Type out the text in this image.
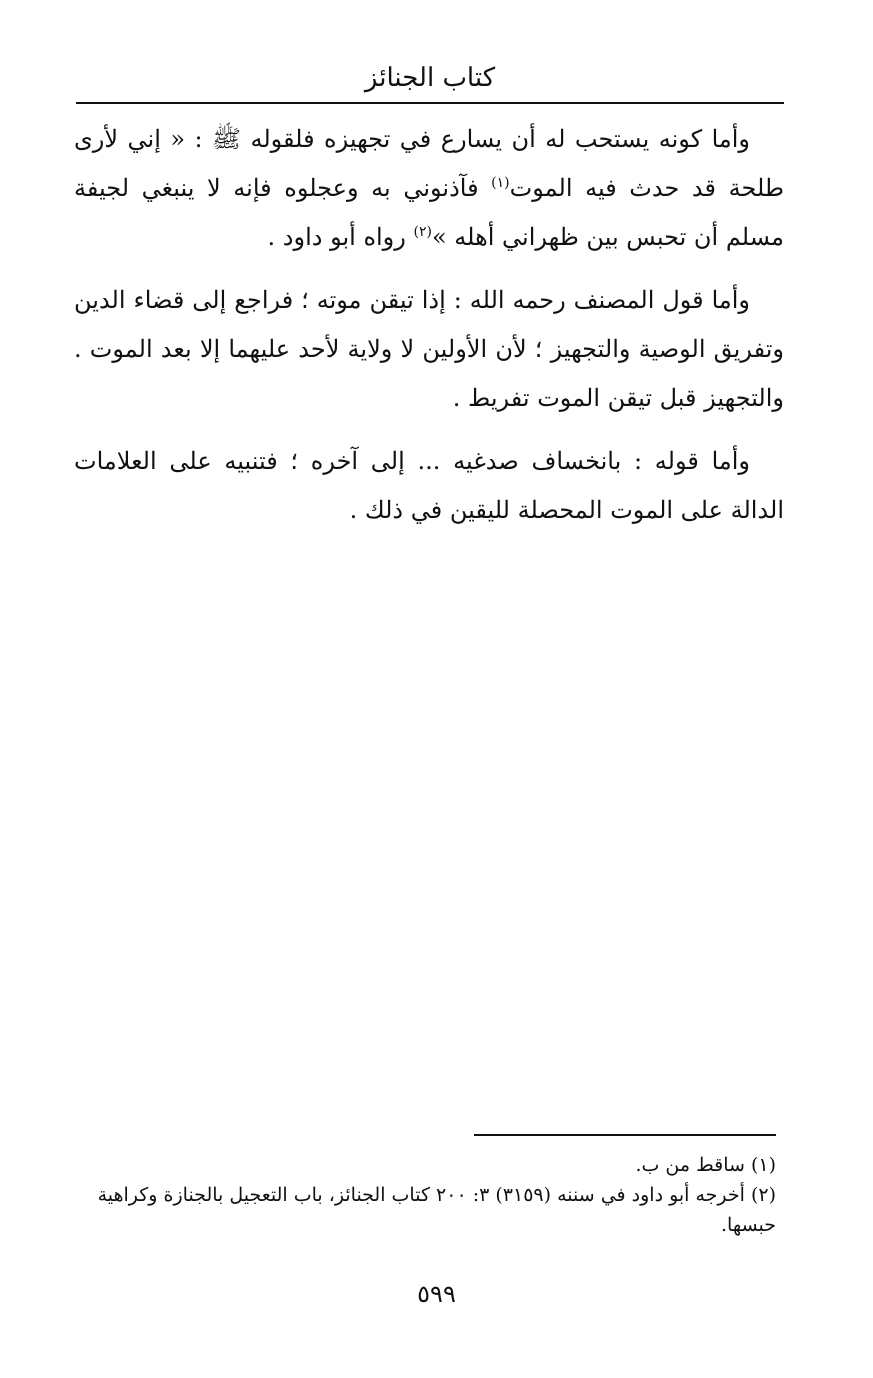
كتاب الجنائز

وأما كونه يستحب له أن يسارع في تجهيزه فلقوله ﷺ : « إني لأرى طلحة قد حدث فيه الموت$^{(١)}$ فآذنوني به وعجلوه فإنه لا ينبغي لجيفة مسلم أن تحبس بين ظهراني أهله »$^{(٢)}$ رواه أبو داود .

وأما قول المصنف رحمه الله : إذا تيقن موته ؛ فراجع إلى قضاء الدين وتفريق الوصية والتجهيز ؛ لأن الأولين لا ولاية لأحد عليهما إلا بعد الموت . والتجهيز قبل تيقن الموت تفريط .

وأما قوله : بانخساف صدغيه ... إلى آخره ؛ فتنبيه على العلامات الدالة على الموت المحصلة لليقين في ذلك .

(١)ساقط من ب.

(٢)أخرجه أبو داود في سننه (٣١٥٩) ٣: ٢٠٠ كتاب الجنائز، باب التعجيل بالجنازة وكراهية حبسها.

٥٩٩
